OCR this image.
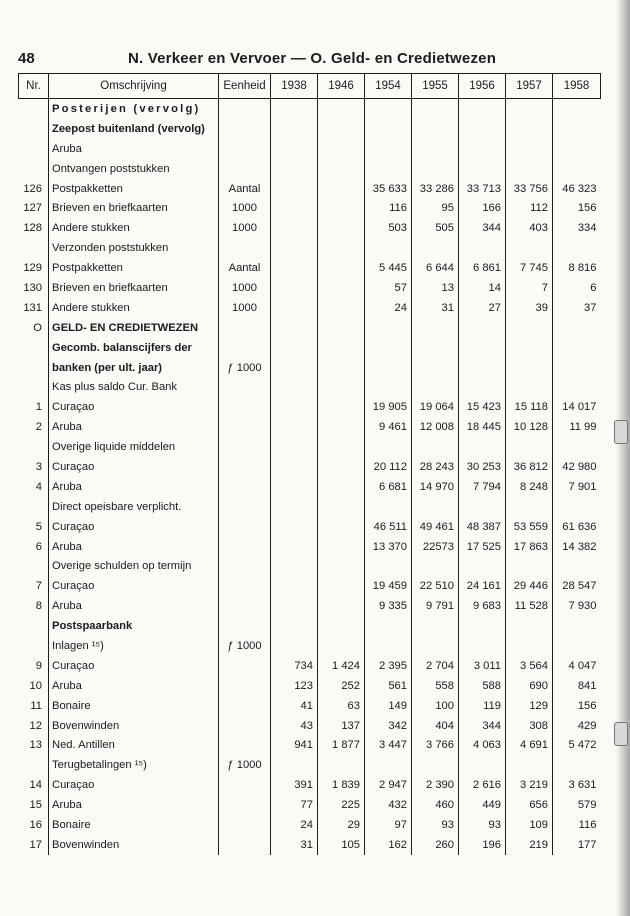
48	N. Verkeer en Vervoer — O. Geld- en Credietwezen
Nr.	Omschrijving	Eenheid	1938	1946	1954	1955	1956	1957	1958
	Posterijen (vervolg)								
	Zeepost buitenland (vervolg)								
	Aruba								
	Ontvangen poststukken								
126	Postpakketten	Aantal			35 633	33 286	33 713	33 756	46 323
127	Brieven en briefkaarten	1000			116	95	166	112	156
128	Andere stukken	1000			503	505	344	403	334
	Verzonden poststukken								
129	Postpakketten	Aantal			5 445	6 644	6 861	7 745	8 816
130	Brieven en briefkaarten	1000			57	13	14	7	6
131	Andere stukken	1000			24	31	27	39	37
O	GELD- EN CREDIETWEZEN								
	Gecomb. balanscijfers der								
	banken (per ult. jaar)	ƒ 1000							
	Kas plus saldo Cur. Bank								
1	Curaçao				19 905	19 064	15 423	15 118	14 017
2	Aruba				9 461	12 008	18 445	10 128	11 99
	Overige liquide middelen								
3	Curaçao				20 112	28 243	30 253	36 812	42 980
4	Aruba				6 681	14 970	7 794	8 248	7 901
	Direct opeisbare verplicht.								
5	Curaçao				46 511	49 461	48 387	53 559	61 636
6	Aruba				13 370	22573	17 525	17 863	14 382
	Overige schulden op termijn								
7	Curaçao				19 459	22 510	24 161	29 446	28 547
8	Aruba				9 335	9 791	9 683	11 528	7 930
	Postspaarbank								
	Inlagen ¹⁵)	ƒ 1000							
9	Curaçao		734	1 424	2 395	2 704	3 011	3 564	4 047
10	Aruba		123	252	561	558	588	690	841
11	Bonaire		41	63	149	100	119	129	156
12	Bovenwinden		43	137	342	404	344	308	429
13	Ned. Antillen		941	1 877	3 447	3 766	4 063	4 691	5 472
	Terugbetalingen ¹⁵)	ƒ 1000							
14	Curaçao		391	1 839	2 947	2 390	2 616	3 219	3 631
15	Aruba		77	225	432	460	449	656	579
16	Bonaire		24	29	97	93	93	109	116
17	Bovenwinden		31	105	162	260	196	219	177
